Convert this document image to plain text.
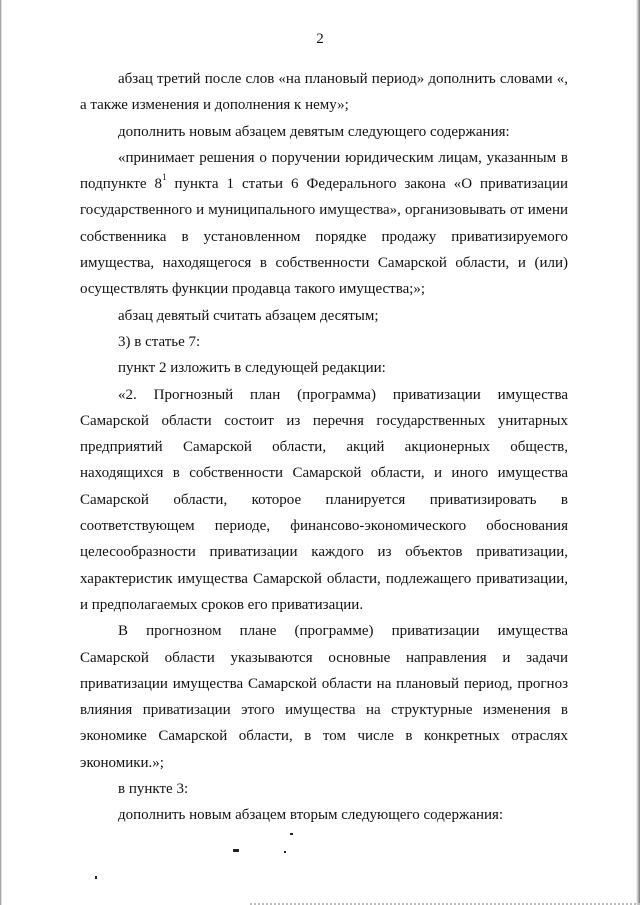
2

абзац третий после слов «на плановый период» дополнить словами «, а также изменения и дополнения к нему»;

дополнить новым абзацем девятым следующего содержания:

«принимает решения о поручении юридическим лицам, указанным в подпункте $8^1$ пункта 1 статьи 6 Федерального закона «О приватизации государственного и муниципального имущества», организовывать от имени собственника в установленном порядке продажу приватизируемого имущества, находящегося в собственности Самарской области, и (или) осуществлять функции продавца такого имущества;»;

абзац девятый считать абзацем десятым;

3) в статье 7:

пункт 2 изложить в следующей редакции:

«2. Прогнозный план (программа) приватизации имущества Самарской области состоит из перечня государственных унитарных предприятий Самарской области, акций акционерных обществ, находящихся в собственности Самарской области, и иного имущества Самарской области, которое планируется приватизировать в соответствующем периоде, финансово-экономического обоснования целесообразности приватизации каждого из объектов приватизации, характеристик имущества Самарской области, подлежащего приватизации, и предполагаемых сроков его приватизации.

В прогнозном плане (программе) приватизации имущества Самарской области указываются основные направления и задачи приватизации имущества Самарской области на плановый период, прогноз влияния приватизации этого имущества на структурные изменения в экономике Самарской области, в том числе в конкретных отраслях экономики.»;

в пункте 3:

дополнить новым абзацем вторым следующего содержания:
